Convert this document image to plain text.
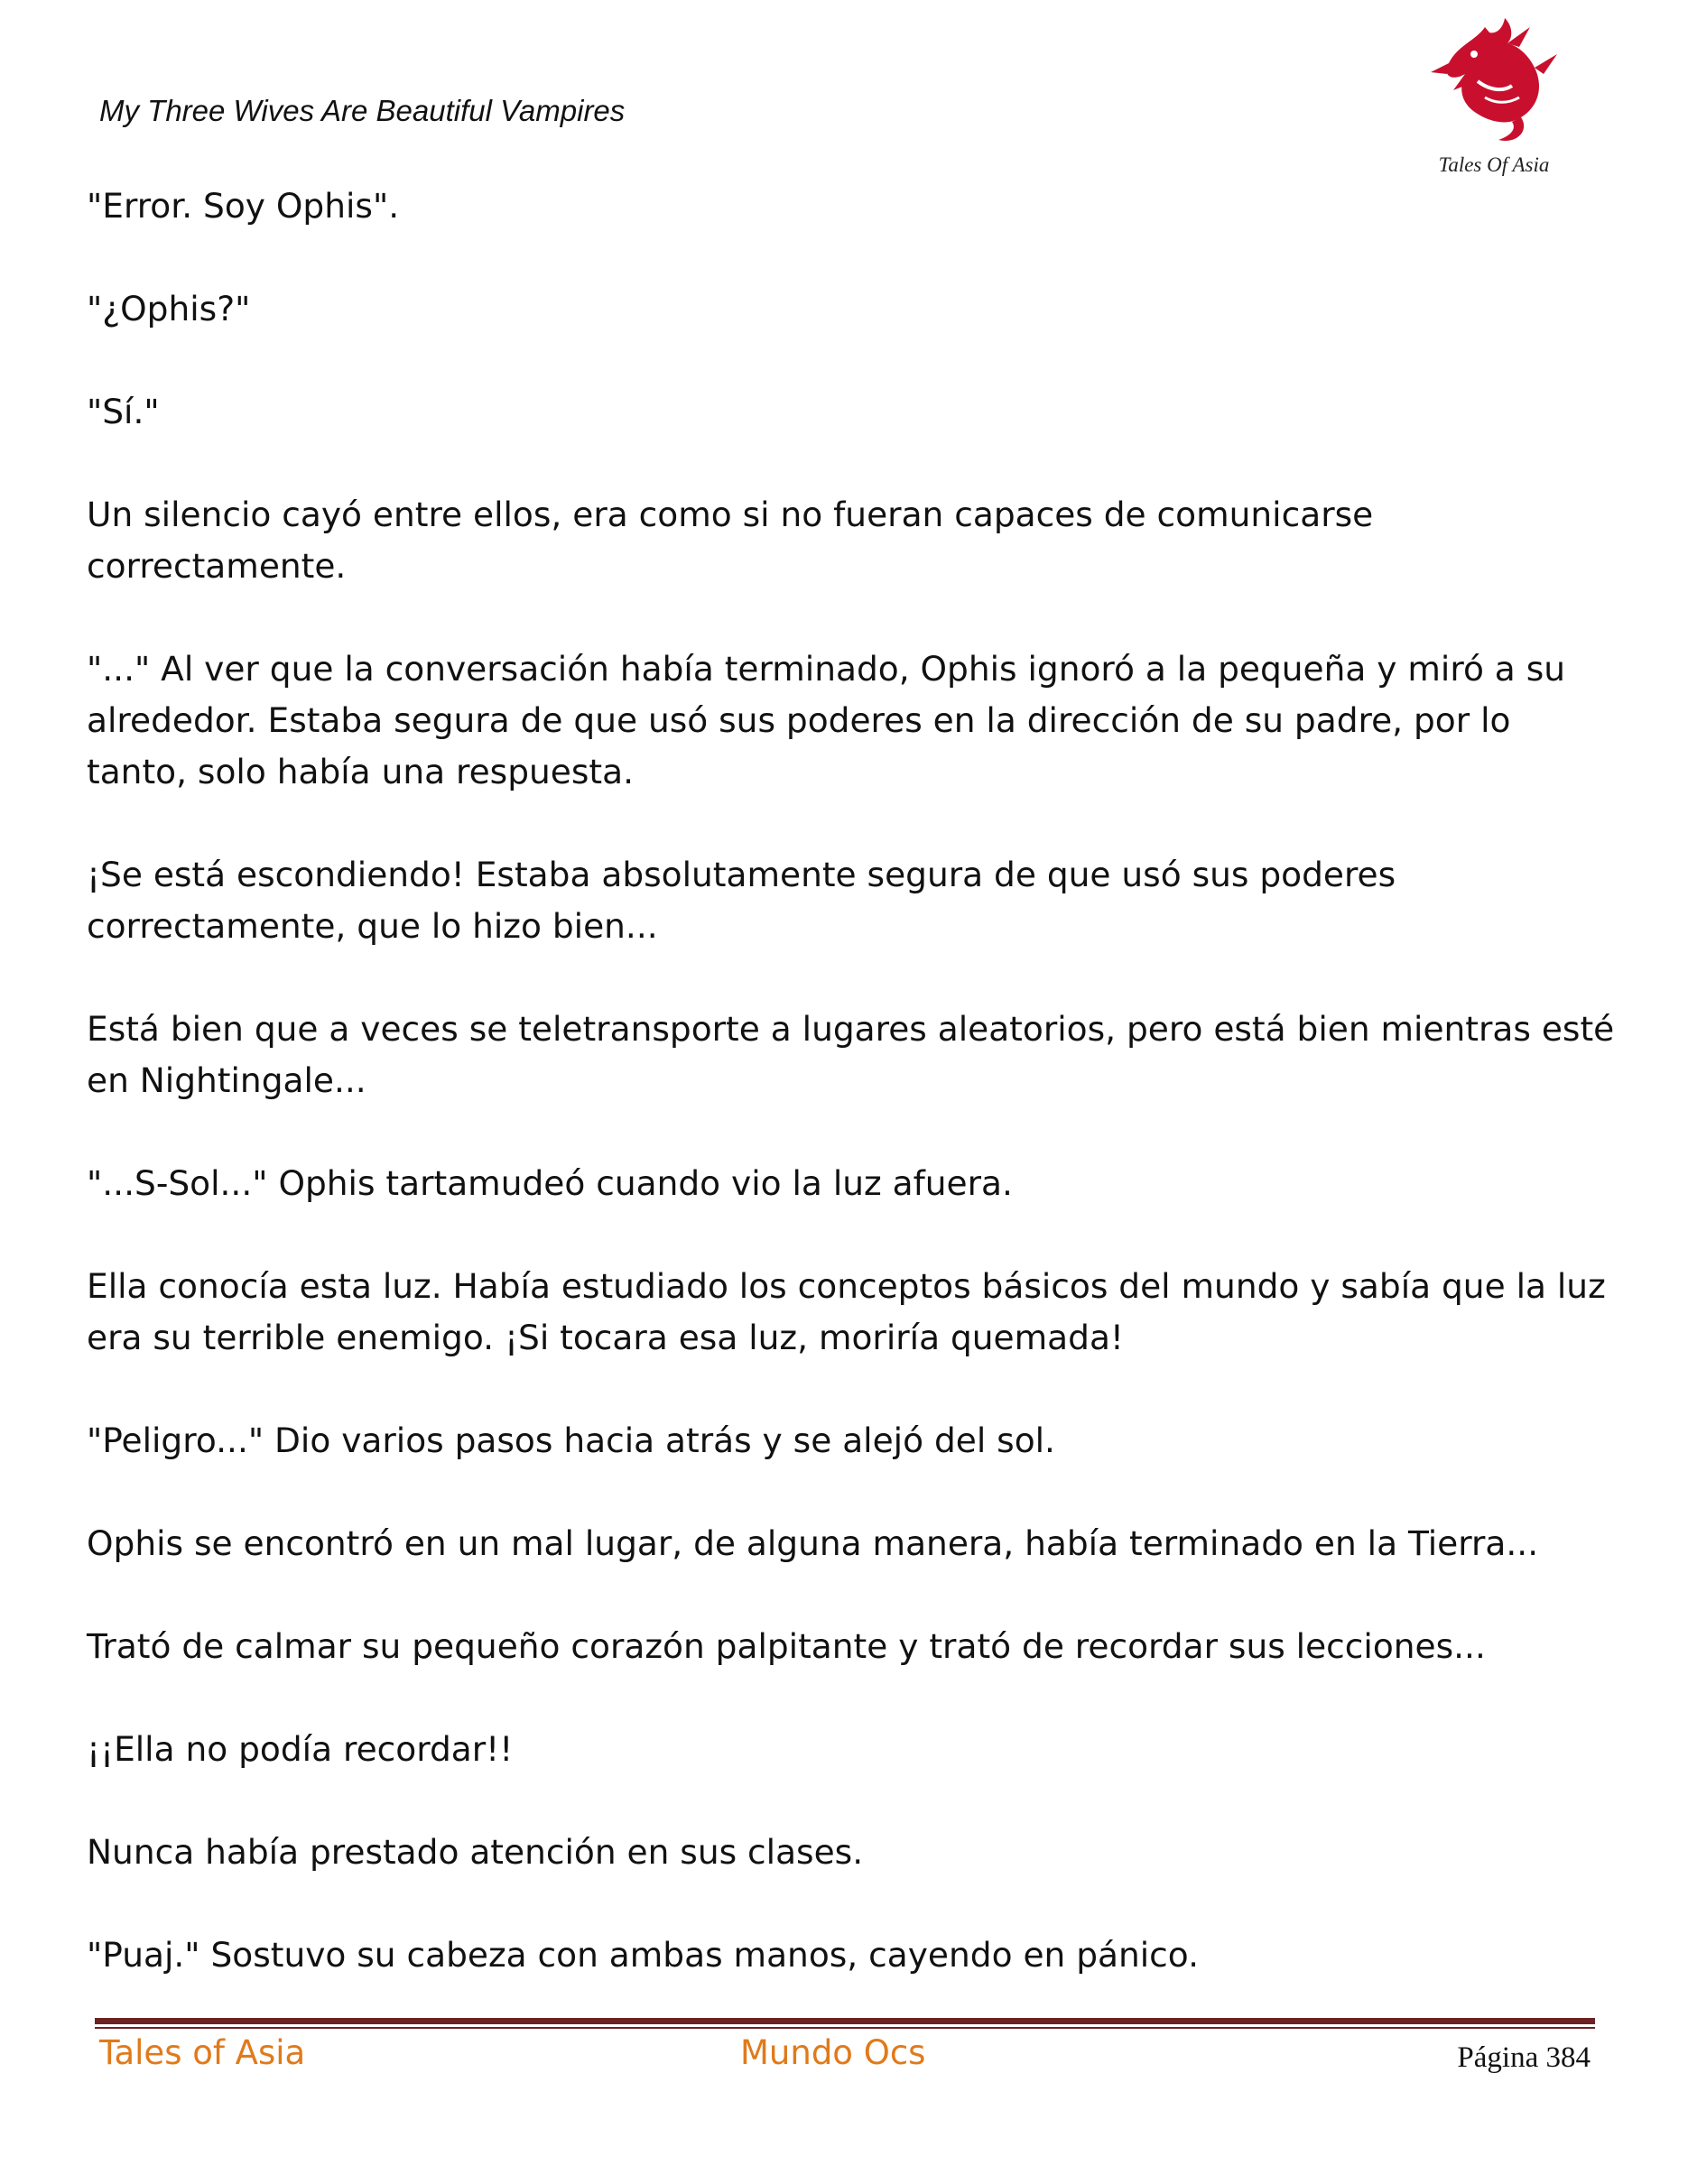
My Three Wives Are Beautiful Vampires
Tales Of Asia

"Error. Soy Ophis".

"¿Ophis?"

"Sí."

Un silencio cayó entre ellos, era como si no fueran capaces de comunicarse correctamente.

"..." Al ver que la conversación había terminado, Ophis ignoró a la pequeña y miró a su alrededor. Estaba segura de que usó sus poderes en la dirección de su padre, por lo tanto, solo había una respuesta.

¡Se está escondiendo! Estaba absolutamente segura de que usó sus poderes correctamente, que lo hizo bien...

Está bien que a veces se teletransporte a lugares aleatorios, pero está bien mientras esté en Nightingale...

"...S-Sol..." Ophis tartamudeó cuando vio la luz afuera.

Ella conocía esta luz. Había estudiado los conceptos básicos del mundo y sabía que la luz era su terrible enemigo. ¡Si tocara esa luz, moriría quemada!

"Peligro..." Dio varios pasos hacia atrás y se alejó del sol.

Ophis se encontró en un mal lugar, de alguna manera, había terminado en la Tierra...

Trató de calmar su pequeño corazón palpitante y trató de recordar sus lecciones...

¡¡Ella no podía recordar!!

Nunca había prestado atención en sus clases.

"Puaj." Sostuvo su cabeza con ambas manos, cayendo en pánico.

Tales of Asia	Mundo Ocs	Página 384
